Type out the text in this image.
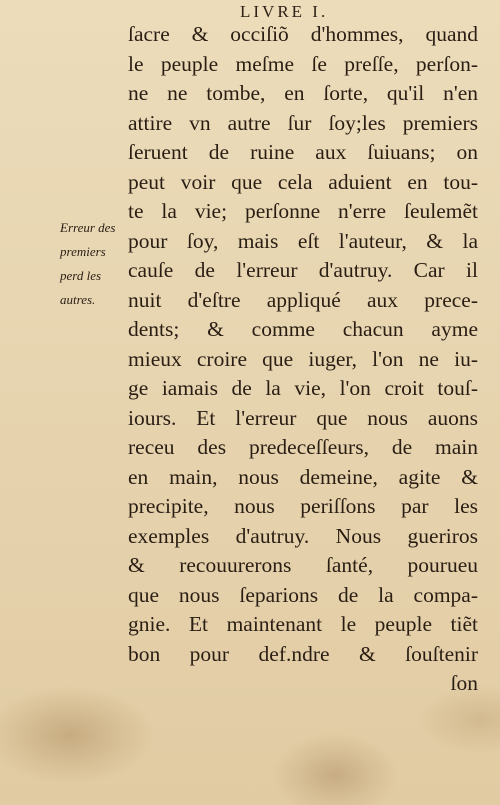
LIVRE I.
Erreur des
premiers
perd les
autres.
ſacre & occiſiõ d'hommes, quand
le peuple meſme ſe preſſe, perſon-
ne ne tombe, en ſorte, qu'il n'en
attire vn autre ſur ſoy;les premiers
ſeruent de ruine aux ſuiuans; on
peut voir que cela aduient en tou-
te la vie; perſonne n'erre ſeulemẽt
pour ſoy, mais eſt l'auteur, & la
cauſe de l'erreur d'autruy. Car il
nuit d'eſtre appliqué aux prece-
dents; & comme chacun ayme
mieux croire que iuger, l'on ne iu-
ge iamais de la vie, l'on croit touſ-
iours. Et l'erreur que nous auons
receu des predeceſſeurs, de main
en main, nous demeine, agite &
precipite, nous periſſons par les
exemples d'autruy. Nous gueriros
& recouurerons ſanté, pourueu
que nous ſeparions de la compa-
gnie. Et maintenant le peuple tiẽt
bon pour def.ndre & ſouſtenir
ſon
